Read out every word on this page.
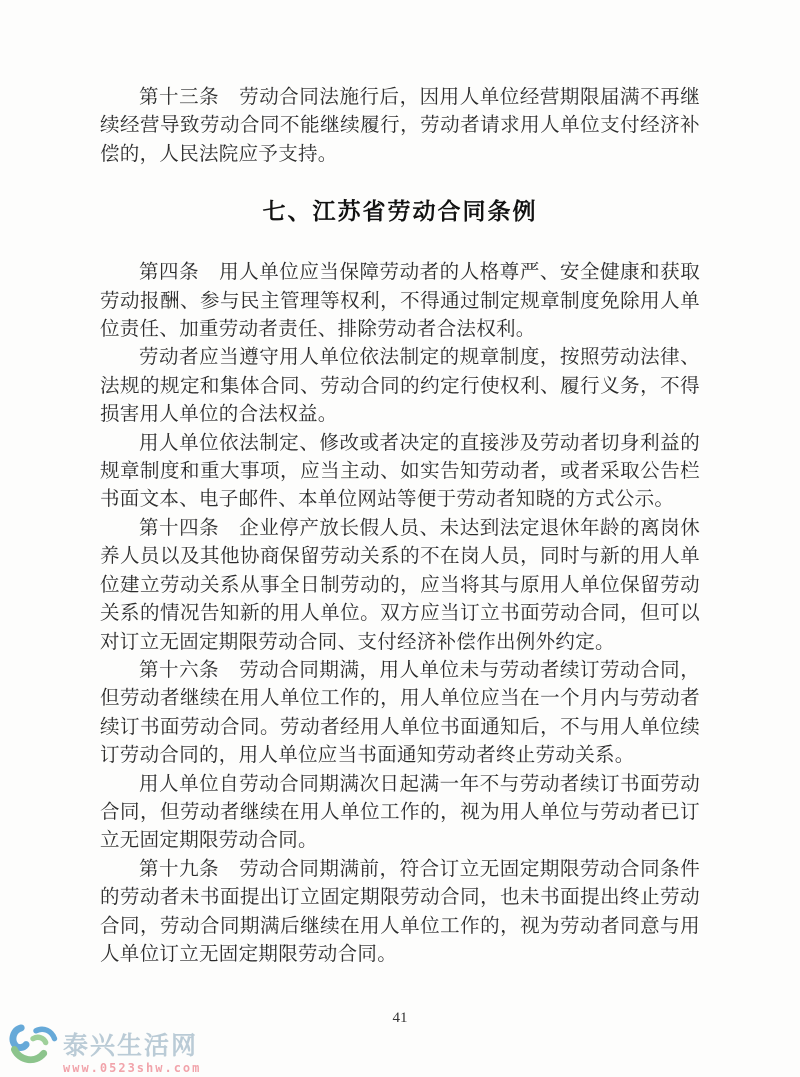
第十三条　劳动合同法施行后，因用人单位经营期限届满不再继续经营导致劳动合同不能继续履行，劳动者请求用人单位支付经济补偿的，人民法院应予支持。

七、江苏省劳动合同条例

第四条　用人单位应当保障劳动者的人格尊严、安全健康和获取劳动报酬、参与民主管理等权利，不得通过制定规章制度免除用人单位责任、加重劳动者责任、排除劳动者合法权利。

劳动者应当遵守用人单位依法制定的规章制度，按照劳动法律、法规的规定和集体合同、劳动合同的约定行使权利、履行义务，不得损害用人单位的合法权益。

用人单位依法制定、修改或者决定的直接涉及劳动者切身利益的规章制度和重大事项，应当主动、如实告知劳动者，或者采取公告栏书面文本、电子邮件、本单位网站等便于劳动者知晓的方式公示。

第十四条　企业停产放长假人员、未达到法定退休年龄的离岗休养人员以及其他协商保留劳动关系的不在岗人员，同时与新的用人单位建立劳动关系从事全日制劳动的，应当将其与原用人单位保留劳动关系的情况告知新的用人单位。双方应当订立书面劳动合同，但可以对订立无固定期限劳动合同、支付经济补偿作出例外约定。

第十六条　劳动合同期满，用人单位未与劳动者续订劳动合同，但劳动者继续在用人单位工作的，用人单位应当在一个月内与劳动者续订书面劳动合同。劳动者经用人单位书面通知后，不与用人单位续订劳动合同的，用人单位应当书面通知劳动者终止劳动关系。

用人单位自劳动合同期满次日起满一年不与劳动者续订书面劳动合同，但劳动者继续在用人单位工作的，视为用人单位与劳动者已订立无固定期限劳动合同。

第十九条　劳动合同期满前，符合订立无固定期限劳动合同条件的劳动者未书面提出订立固定期限劳动合同，也未书面提出终止劳动合同，劳动合同期满后继续在用人单位工作的，视为劳动者同意与用人单位订立无固定期限劳动合同。

41
泰兴生活网
www.0523shw.com
